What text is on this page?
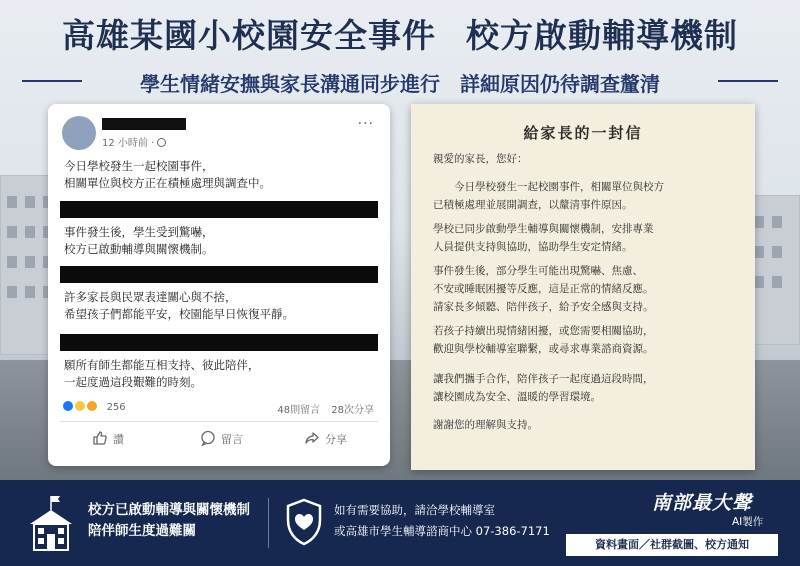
高雄某國小校園安全事件 校方啟動輔導機制
學生情緒安撫與家長溝通同步進行　詳細原因仍待調查釐清
12 小時前 ·
···
今日學校發生一起校園事件，
相關單位與校方正在積極處理與調查中。
事件發生後，學生受到驚嚇，
校方已啟動輔導與關懷機制。
許多家長與民眾表達關心與不捨，
希望孩子們都能平安，校園能早日恢復平靜。
願所有師生都能互相支持、彼此陪伴，
一起度過這段艱難的時刻。
256	48則留言 28次分享
讚	留言	分享
給家長的一封信
親愛的家長，您好：
　　今日學校發生一起校園事件，相關單位與校方
已積極處理並展開調查，以釐清事件原因。
學校已同步啟動學生輔導與關懷機制，安排專業
人員提供支持與協助，協助學生安定情緒。
事件發生後，部分學生可能出現驚嚇、焦慮、
不安或睡眠困擾等反應，這是正常的情緒反應。
請家長多傾聽、陪伴孩子，給予安全感與支持。
若孩子持續出現情緒困擾，或您需要相關協助，
歡迎與學校輔導室聯繫，或尋求專業諮商資源。
讓我們攜手合作，陪伴孩子一起度過這段時間，
讓校園成為安全、溫暖的學習環境。
謝謝您的理解與支持。
校方已啟動輔導與關懷機制
陪伴師生度過難關
如有需要協助，請洽學校輔導室
或高雄市學生輔導諮商中心 07-386-7171
南部最大聲
AI製作
資料畫面／社群截圖、校方通知
